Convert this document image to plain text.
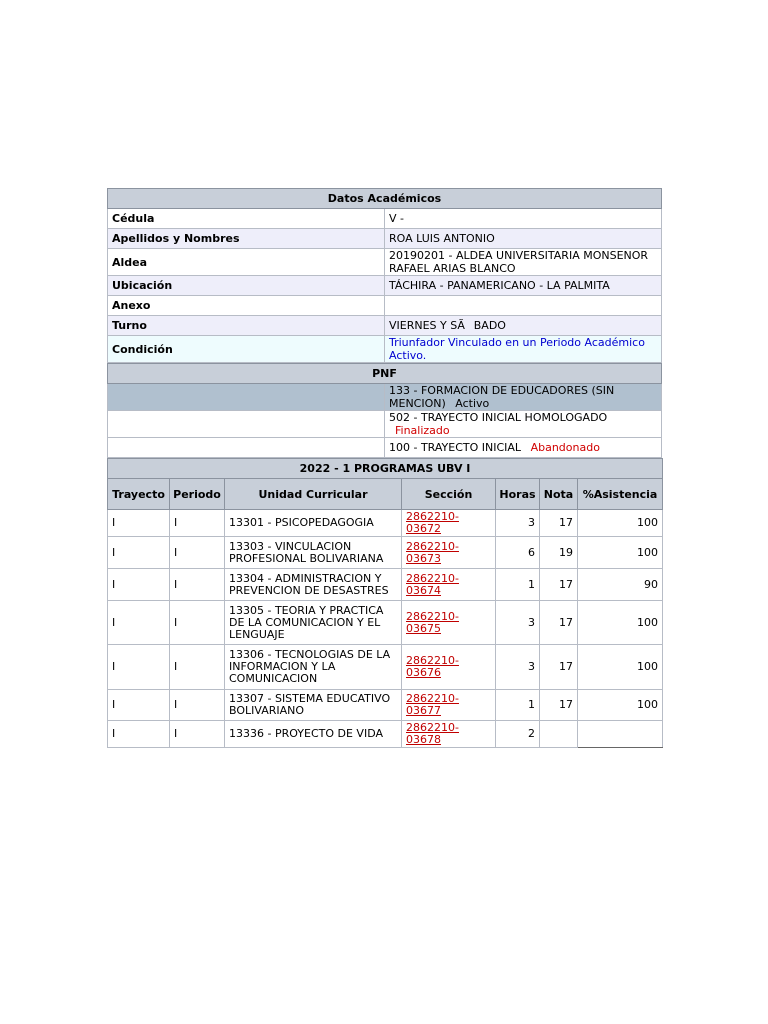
Datos Académicos	
Cédula	V -
Apellidos y Nombres	ROA LUIS ANTONIO
Aldea	20190201 - ALDEA UNIVERSITARIA MONSENOR RAFAEL ARIAS BLANCO
Ubicación	TÁCHIRA - PANAMERICANO - LA PALMITA
Anexo	
Turno	VIERNES Y SÃBADO
Condición	Triunfador Vinculado en un Periodo Académico Activo.
PNF	
	133 - FORMACION DE EDUCADORES (SIN MENCION) Activo
	502 - TRAYECTO INICIAL HOMOLOGADO Finalizado
	100 - TRAYECTO INICIAL Abandonado
2022 - 1 PROGRAMAS UBV I						
Trayecto	Periodo	Unidad Curricular	Sección	Horas	Nota	%Asistencia
I	I	13301 - PSICOPEDAGOGIA	2862210-03672	3	17	100
I	I	13303 - VINCULACION PROFESIONAL BOLIVARIANA	2862210-03673	6	19	100
I	I	13304 - ADMINISTRACION Y PREVENCION DE DESASTRES	2862210-03674	1	17	90
I	I	13305 - TEORIA Y PRACTICA DE LA COMUNICACION Y EL LENGUAJE	2862210-03675	3	17	100
I	I	13306 - TECNOLOGIAS DE LA INFORMACION Y LA COMUNICACION	2862210-03676	3	17	100
I	I	13307 - SISTEMA EDUCATIVO BOLIVARIANO	2862210-03677	1	17	100
I	I	13336 - PROYECTO DE VIDA	2862210-03678	2		
